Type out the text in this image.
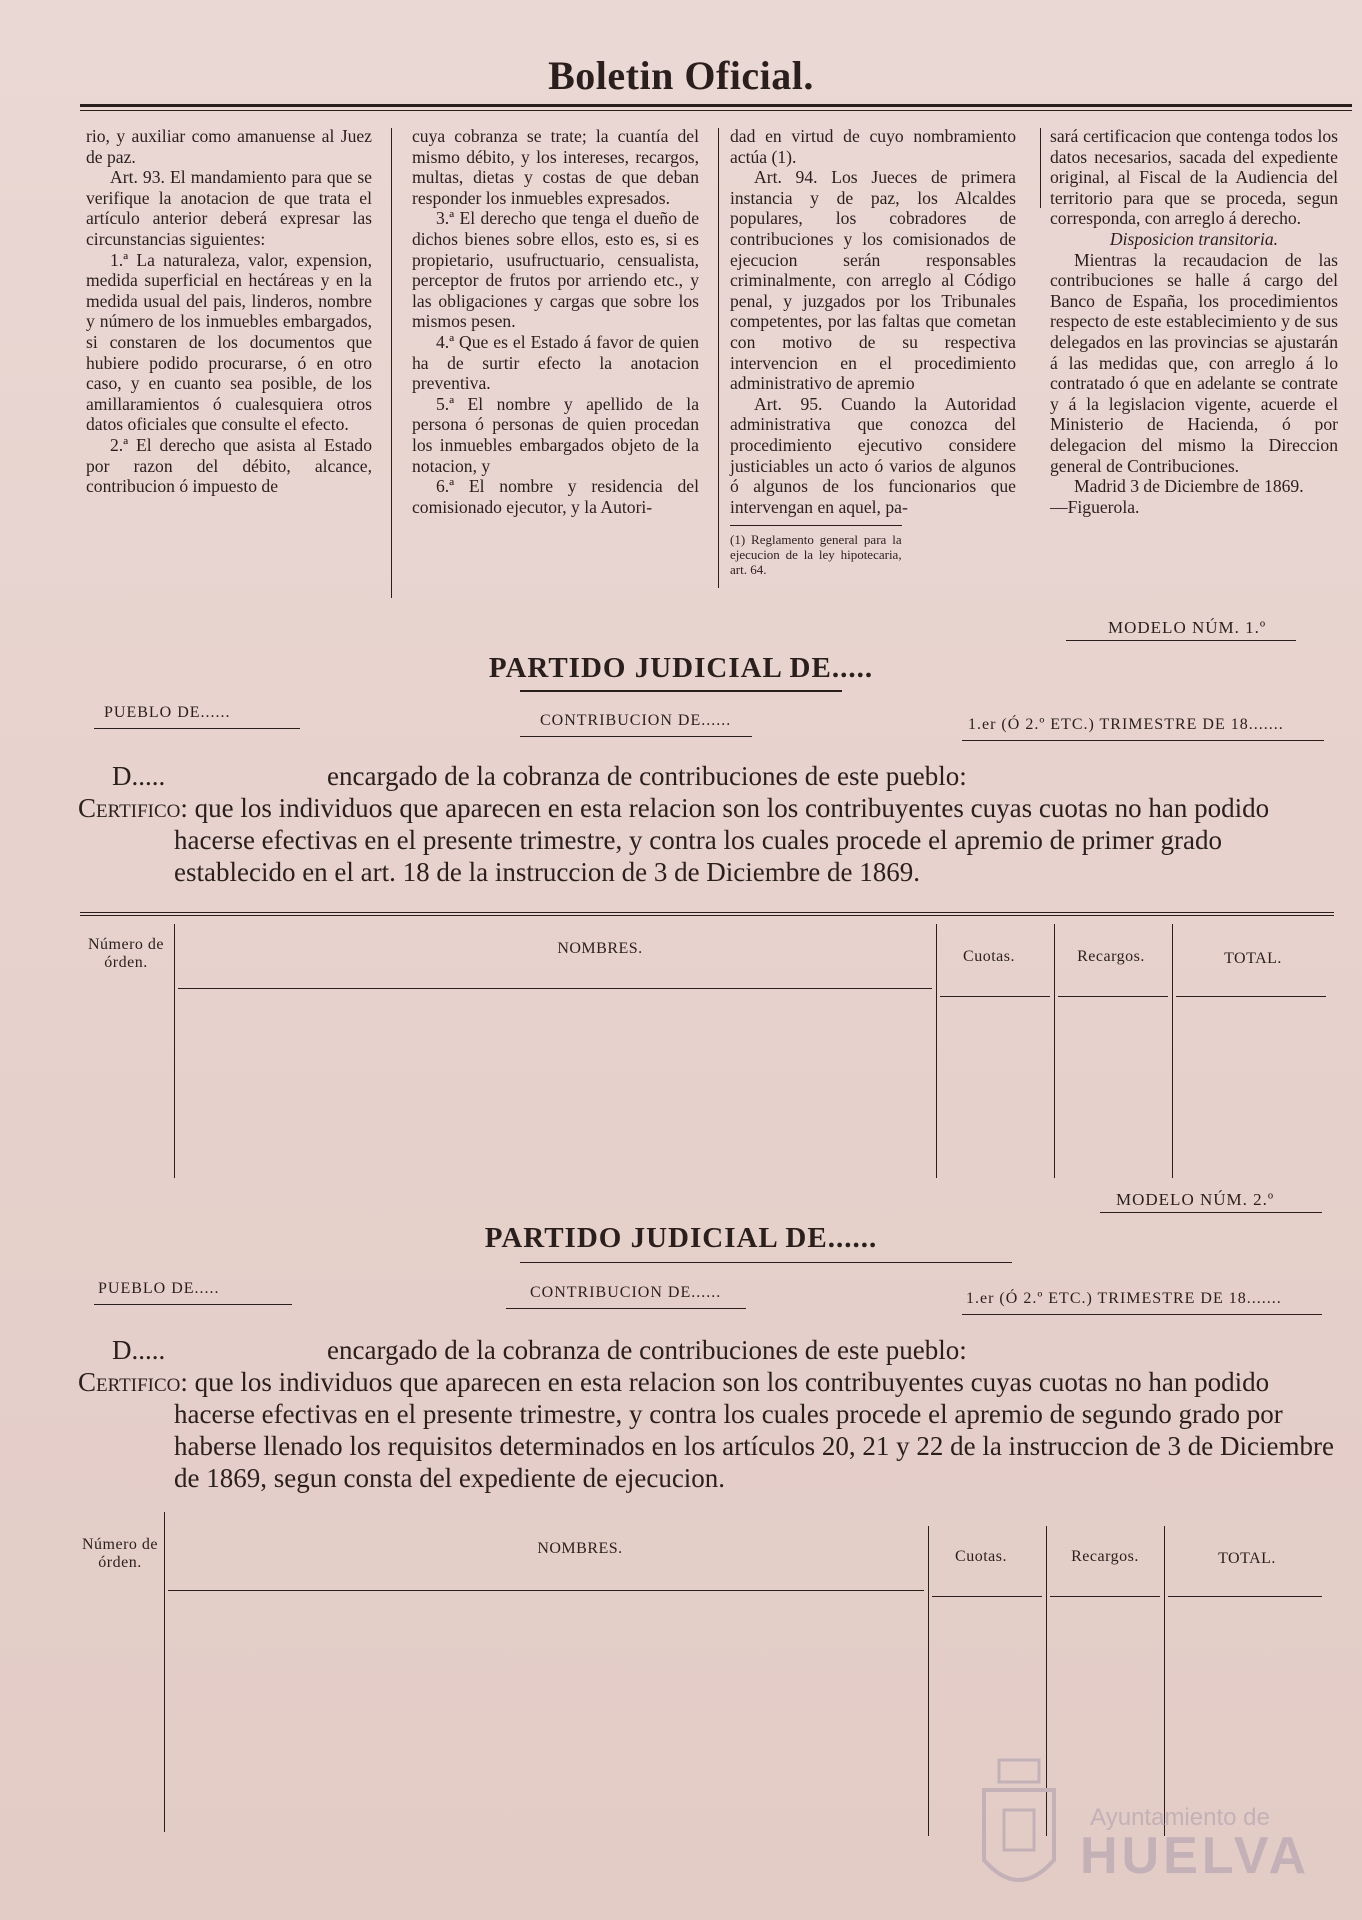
Boletin Oficial.

rio, y auxiliar como amanuense al Juez de paz.

Art. 93. El mandamiento para que se verifique la anotacion de que trata el artículo anterior deberá expresar las circunstancias siguientes:

1.ª La naturaleza, valor, expension, medida superficial en hectáreas y en la medida usual del pais, linderos, nombre y número de los inmuebles embargados, si constaren de los documentos que hubiere podido procurarse, ó en otro caso, y en cuanto sea posible, de los amillaramientos ó cualesquiera otros datos oficiales que consulte el efecto.

2.ª El derecho que asista al Estado por razon del débito, alcance, contribucion ó impuesto de

cuya cobranza se trate; la cuantía del mismo débito, y los intereses, recargos, multas, dietas y costas de que deban responder los inmuebles expresados.

3.ª El derecho que tenga el dueño de dichos bienes sobre ellos, esto es, si es propietario, usufructuario, censualista, perceptor de frutos por arriendo etc., y las obligaciones y cargas que sobre los mismos pesen.

4.ª Que es el Estado á favor de quien ha de surtir efecto la anotacion preventiva.

5.ª El nombre y apellido de la persona ó personas de quien procedan los inmuebles embargados objeto de la notacion, y

6.ª El nombre y residencia del comisionado ejecutor, y la Autori-

dad en virtud de cuyo nombramiento actúa (1).

Art. 94. Los Jueces de primera instancia y de paz, los Alcaldes populares, los cobradores de contribuciones y los comisionados de ejecucion serán responsables criminalmente, con arreglo al Código penal, y juzgados por los Tribunales competentes, por las faltas que cometan con motivo de su respectiva intervencion en el procedimiento administrativo de apremio

Art. 95. Cuando la Autoridad administrativa que conozca del procedimiento ejecutivo considere justiciables un acto ó varios de algunos ó algunos de los funcionarios que intervengan en aquel, pa-

(1) Reglamento general para la ejecucion de la ley hipotecaria, art. 64.

sará certificacion que contenga todos los datos necesarios, sacada del expediente original, al Fiscal de la Audiencia del territorio para que se proceda, segun corresponda, con arreglo á derecho.

Disposicion transitoria.

Mientras la recaudacion de las contribuciones se halle á cargo del Banco de España, los procedimientos respecto de este establecimiento y de sus delegados en las provincias se ajustarán á las medidas que, con arreglo á lo contratado ó que en adelante se contrate y á la legislacion vigente, acuerde el Ministerio de Hacienda, ó por delegacion del mismo la Direccion general de Contribuciones.

Madrid 3 de Diciembre de 1869.

—Figuerola.

MODELO NÚM. 1.º
PARTIDO JUDICIAL DE.....
PUEBLO DE......	CONTRIBUCION DE......	1.er (Ó 2.º ETC.) TRIMESTRE DE 18.......
D.....	encargado de la cobranza de contribuciones de este pueblo:
Certifico: que los individuos que aparecen en esta relacion son los contribuyentes cuyas cuotas no han podido hacerse efectivas en el presente trimestre, y contra los cuales procede el apremio de primer grado establecido en el art. 18 de la instruccion de 3 de Diciembre de 1869.
Número de órden.
NOMBRES.	Cuotas.	Recargos.	TOTAL.
MODELO NÚM. 2.º
PARTIDO JUDICIAL DE......
PUEBLO DE.....	CONTRIBUCION DE......	1.er (Ó 2.º ETC.) TRIMESTRE DE 18.......
D.....	encargado de la cobranza de contribuciones de este pueblo:
Certifico: que los individuos que aparecen en esta relacion son los contribuyentes cuyas cuotas no han podido hacerse efectivas en el presente trimestre, y contra los cuales procede el apremio de segundo grado por haberse llenado los requisitos determinados en los artículos 20, 21 y 22 de la instruccion de 3 de Diciembre de 1869, segun consta del expediente de ejecucion.
Número de órden.
NOMBRES.	Cuotas.	Recargos.	TOTAL.
Ayuntamiento de
HUELVA
